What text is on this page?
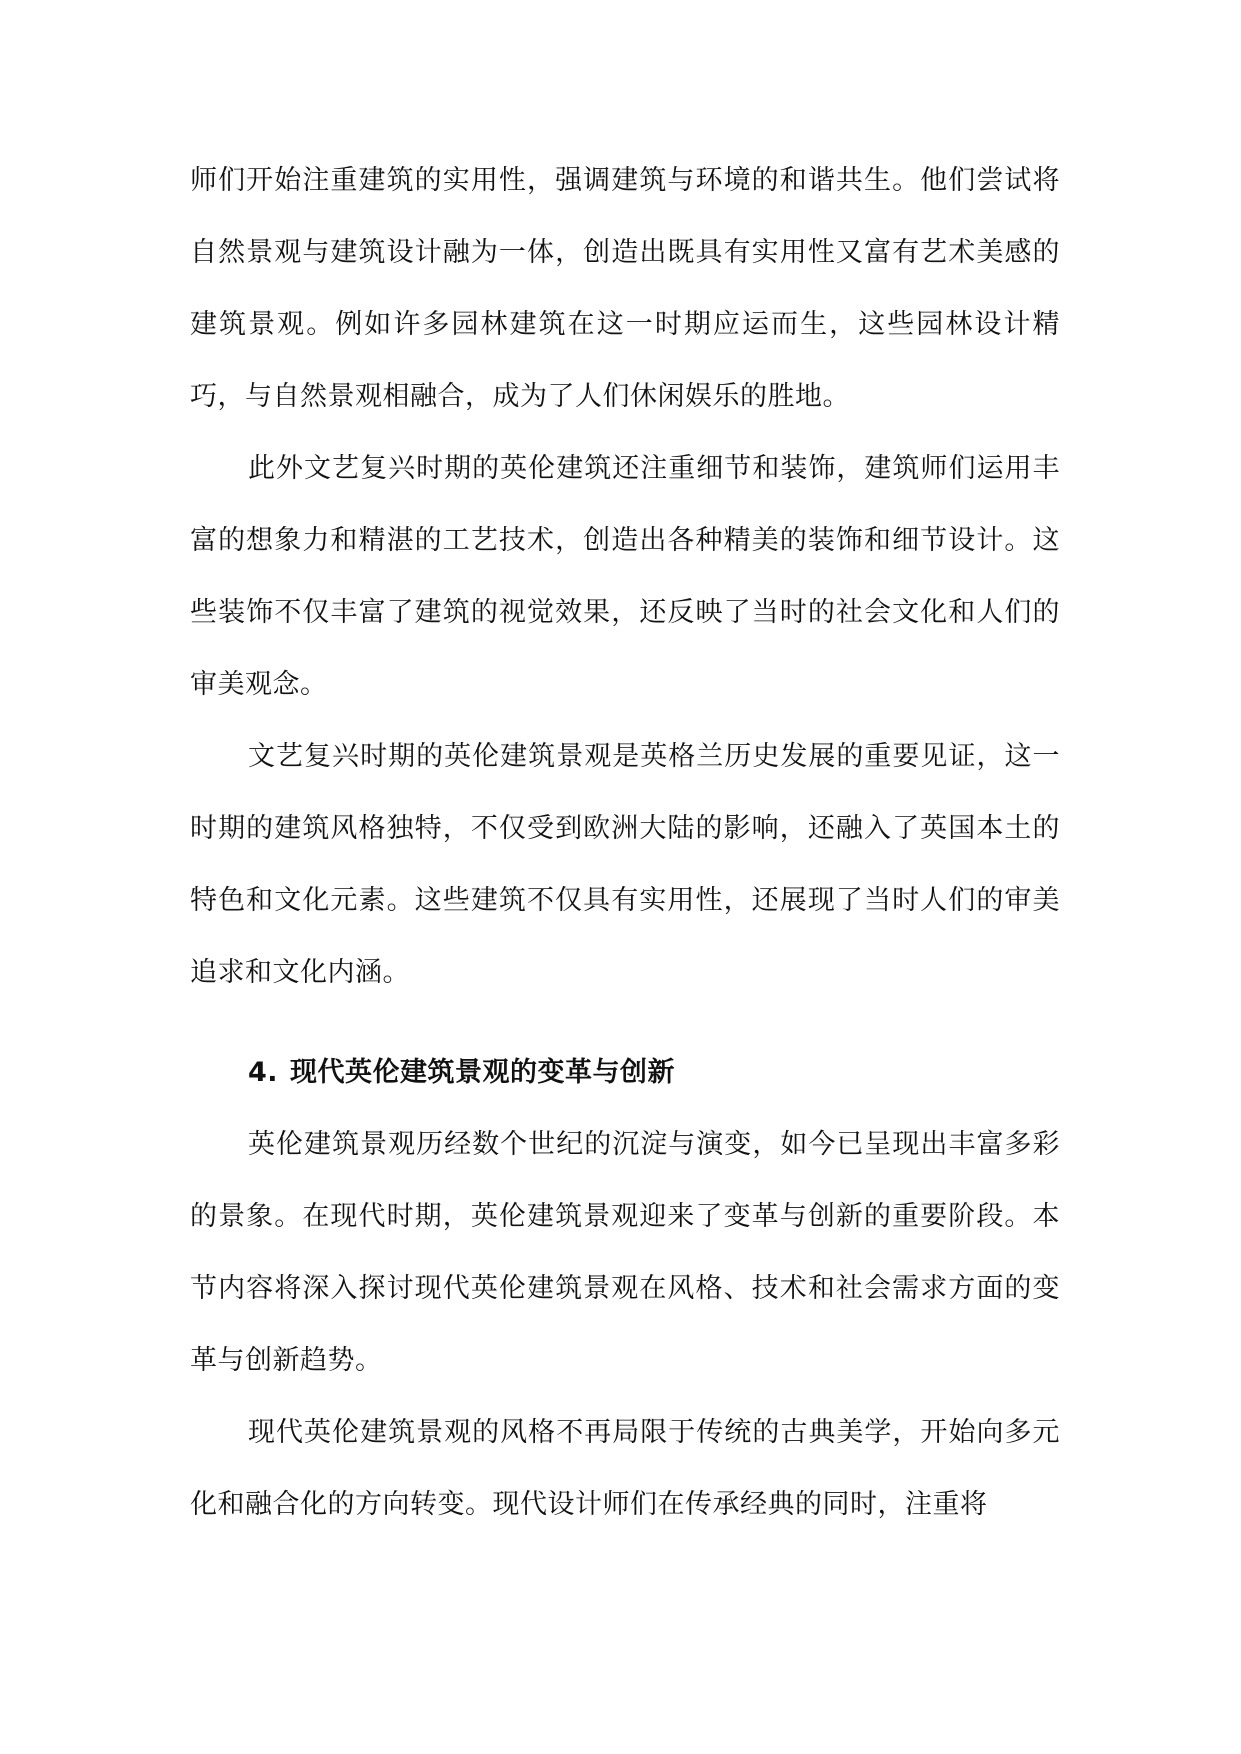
师们开始注重建筑的实用性，强调建筑与环境的和谐共生。他们尝试将自然景观与建筑设计融为一体，创造出既具有实用性又富有艺术美感的建筑景观。例如许多园林建筑在这一时期应运而生，这些园林设计精巧，与自然景观相融合，成为了人们休闲娱乐的胜地。

此外文艺复兴时期的英伦建筑还注重细节和装饰，建筑师们运用丰富的想象力和精湛的工艺技术，创造出各种精美的装饰和细节设计。这些装饰不仅丰富了建筑的视觉效果，还反映了当时的社会文化和人们的审美观念。

文艺复兴时期的英伦建筑景观是英格兰历史发展的重要见证，这一时期的建筑风格独特，不仅受到欧洲大陆的影响，还融入了英国本土的特色和文化元素。这些建筑不仅具有实用性，还展现了当时人们的审美追求和文化内涵。

4. 现代英伦建筑景观的变革与创新

英伦建筑景观历经数个世纪的沉淀与演变，如今已呈现出丰富多彩的景象。在现代时期，英伦建筑景观迎来了变革与创新的重要阶段。本节内容将深入探讨现代英伦建筑景观在风格、技术和社会需求方面的变革与创新趋势。

现代英伦建筑景观的风格不再局限于传统的古典美学，开始向多元化和融合化的方向转变。现代设计师们在传承经典的同时，注重将
